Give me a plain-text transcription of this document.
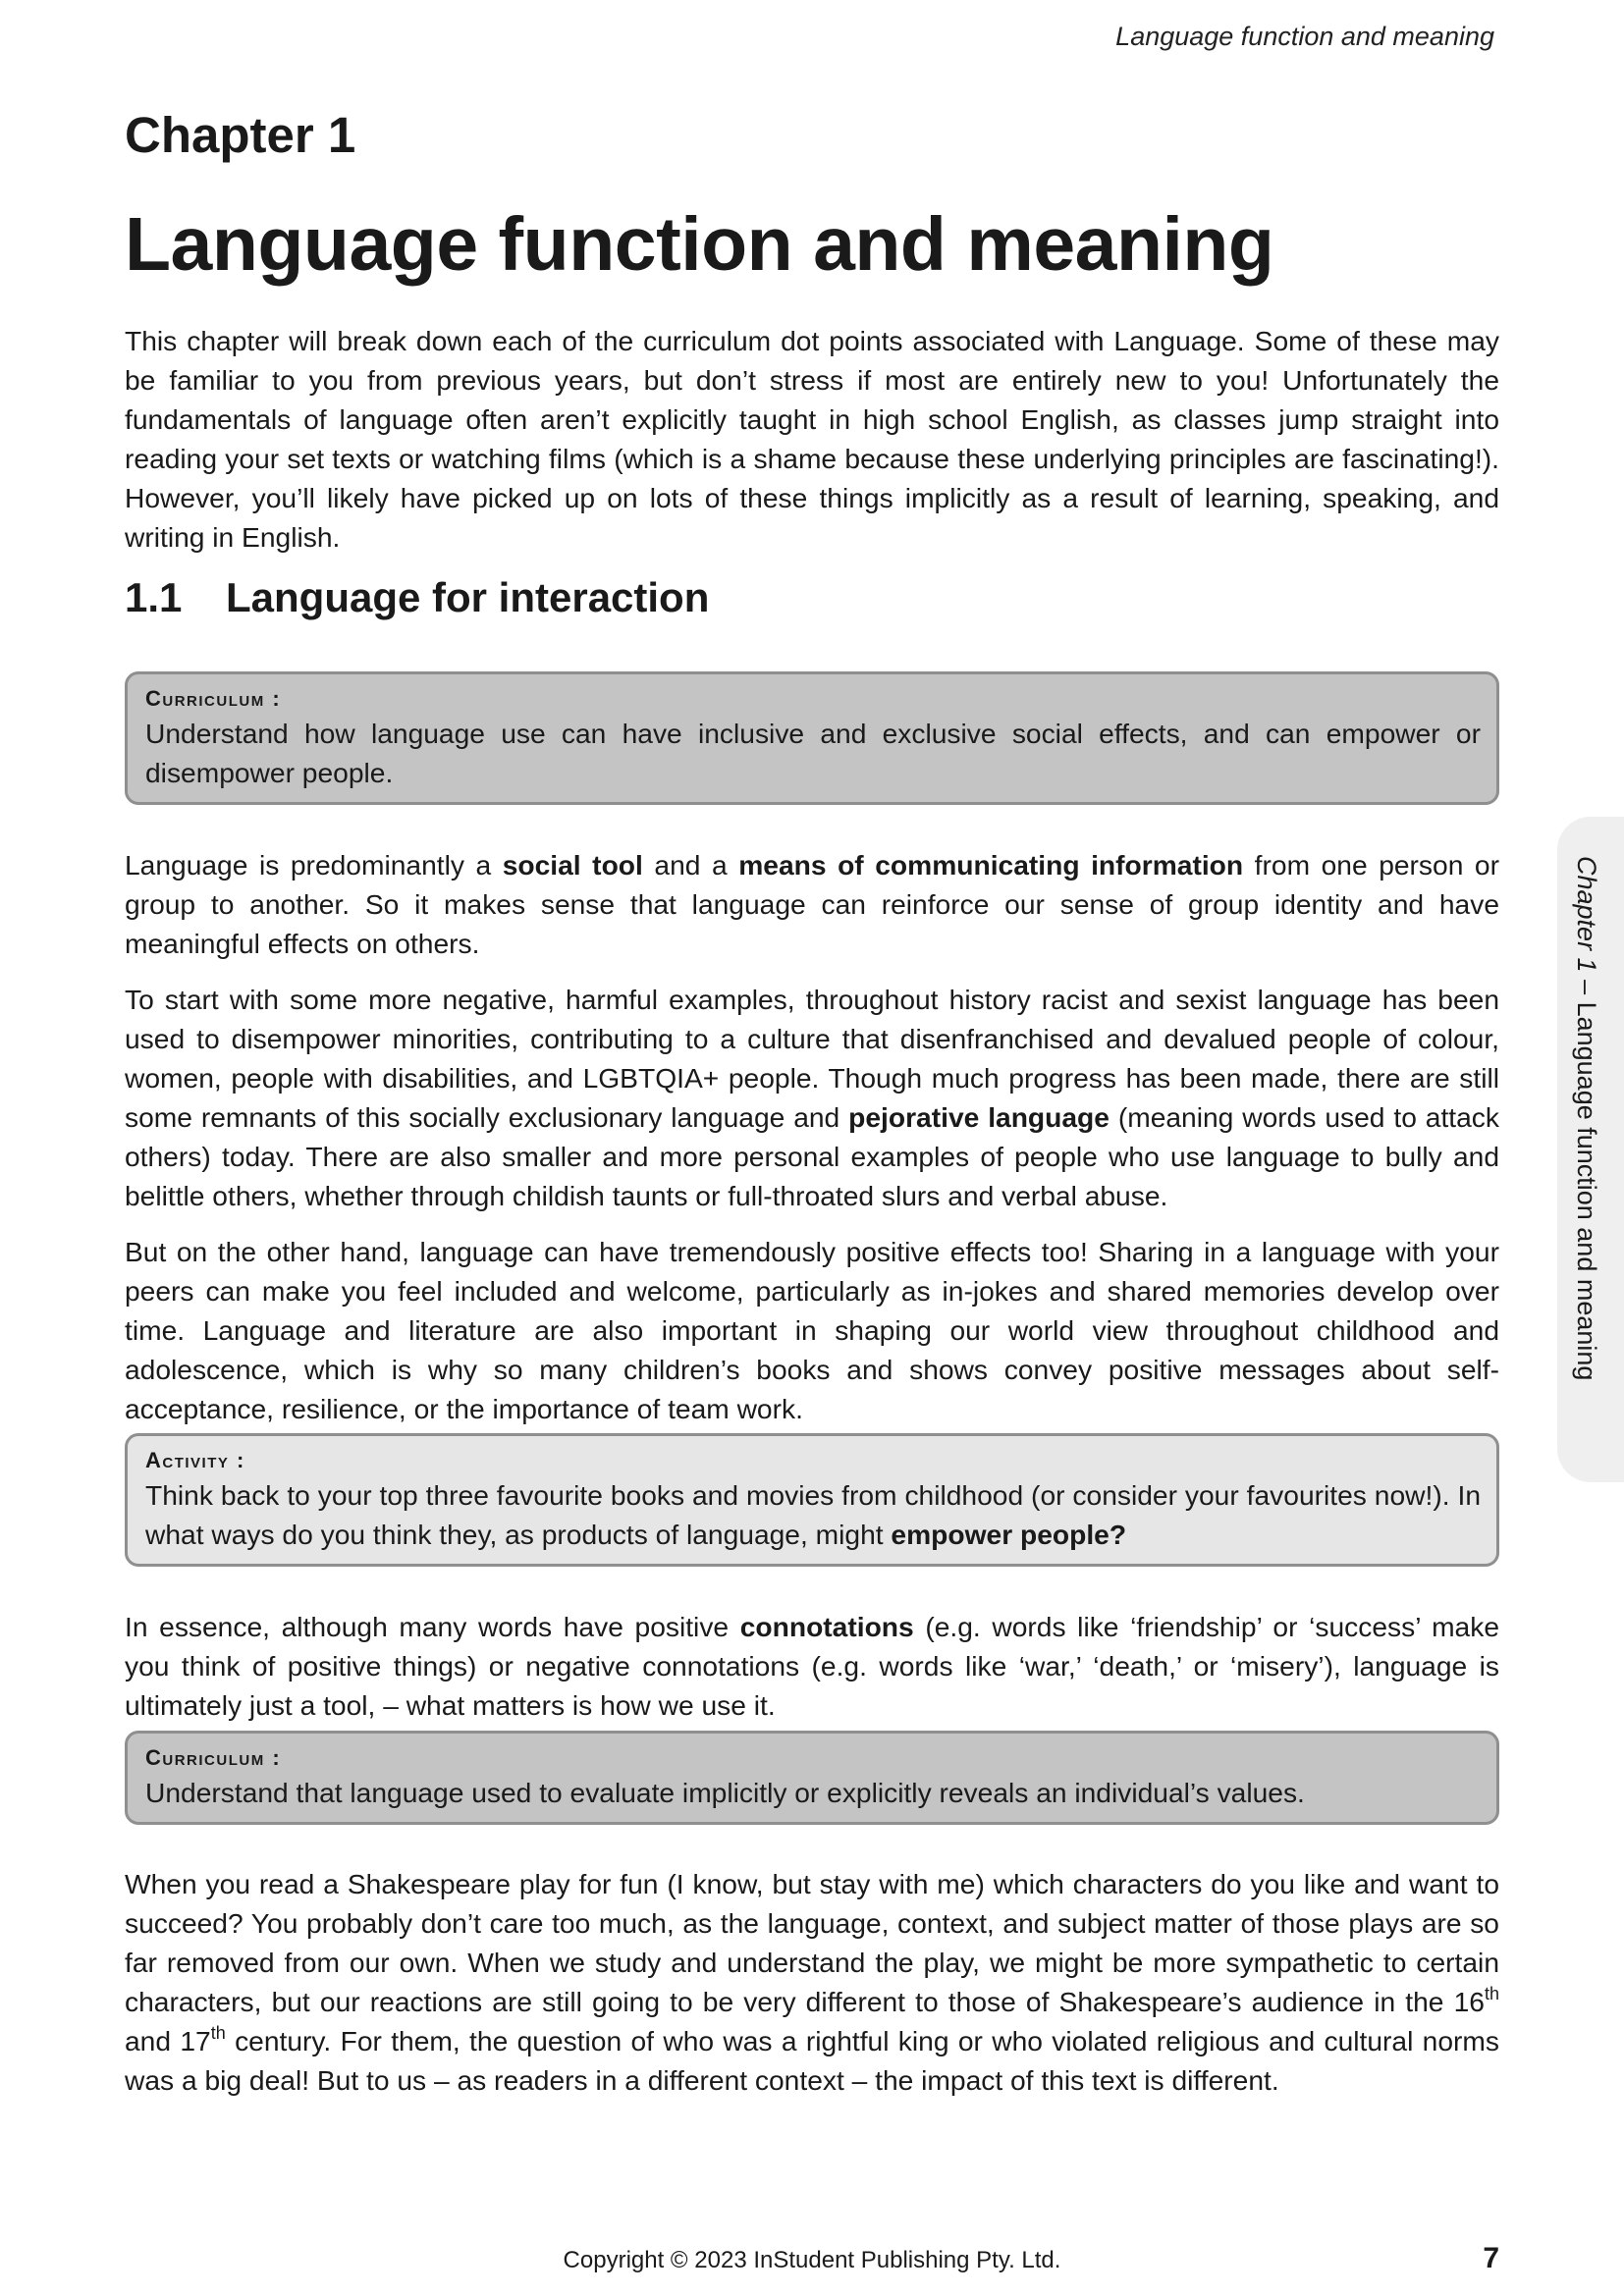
Language function and meaning
Chapter 1
Language function and meaning

This chapter will break down each of the curriculum dot points associated with Language. Some of these may be familiar to you from previous years, but don’t stress if most are entirely new to you! Unfortunately the fundamentals of language often aren’t explicitly taught in high school English, as classes jump straight into reading your set texts or watching films (which is a shame because these underlying principles are fascinating!). However, you’ll likely have picked up on lots of these things implicitly as a result of learning, speaking, and writing in English.

1.1 Language for interaction

Curriculum :

Understand how language use can have inclusive and exclusive social effects, and can empower or disempower people.

Language is predominantly a social tool and a means of communicating information from one person or group to another. So it makes sense that language can reinforce our sense of group identity and have meaningful effects on others.

To start with some more negative, harmful examples, throughout history racist and sexist language has been used to disempower minorities, contributing to a culture that disenfranchised and devalued people of colour, women, people with disabilities, and LGBTQIA+ people. Though much progress has been made, there are still some remnants of this socially exclusionary language and pejorative language (meaning words used to attack others) today. There are also smaller and more personal examples of people who use language to bully and belittle others, whether through childish taunts or full-throated slurs and verbal abuse.

But on the other hand, language can have tremendously positive effects too! Sharing in a language with your peers can make you feel included and welcome, particularly as in-jokes and shared memories develop over time. Language and literature are also important in shaping our world view throughout childhood and adolescence, which is why so many children’s books and shows convey positive messages about self-acceptance, resilience, or the importance of team work.

Activity :

Think back to your top three favourite books and movies from childhood (or consider your favourites now!). In what ways do you think they, as products of language, might empower people?

In essence, although many words have positive connotations (e.g. words like ‘friendship’ or ‘success’ make you think of positive things) or negative connotations (e.g. words like ‘war,’ ‘death,’ or ‘misery’), language is ultimately just a tool, – what matters is how we use it.

Curriculum :

Understand that language used to evaluate implicitly or explicitly reveals an individual’s values.

When you read a Shakespeare play for fun (I know, but stay with me) which characters do you like and want to succeed? You probably don’t care too much, as the language, context, and subject matter of those plays are so far removed from our own. When we study and understand the play, we might be more sympathetic to certain characters, but our reactions are still going to be very different to those of Shakespeare’s audience in the 16th and 17th century. For them, the question of who was a rightful king or who violated religious and cultural norms was a big deal! But to us – as readers in a different context – the impact of this text is different.

Chapter 1 – Language function and meaning
Copyright © 2023 InStudent Publishing Pty. Ltd.	7
